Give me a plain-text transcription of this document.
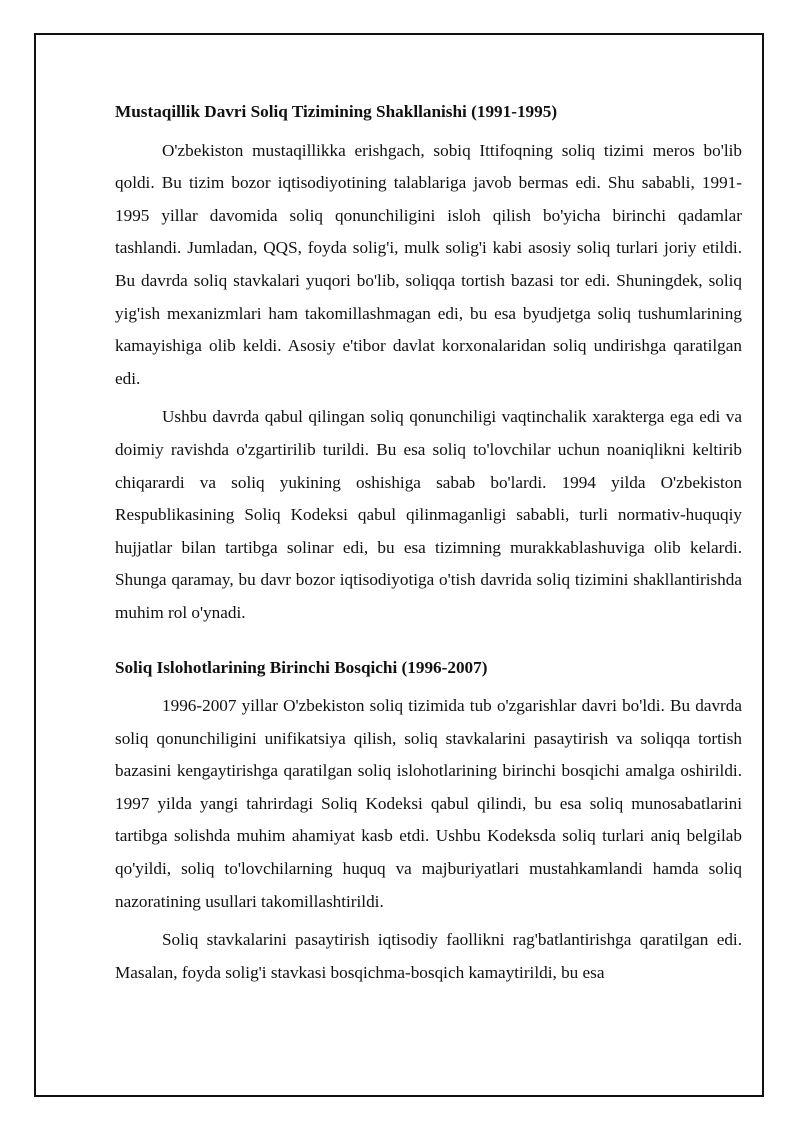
Mustaqillik Davri Soliq Tizimining Shakllanishi (1991-1995)

O'zbekiston mustaqillikka erishgach, sobiq Ittifoqning soliq tizimi meros bo'lib qoldi. Bu tizim bozor iqtisodiyotining talablariga javob bermas edi. Shu sababli, 1991-1995 yillar davomida soliq qonunchiligini isloh qilish bo'yicha birinchi qadamlar tashlandi. Jumladan, QQS, foyda solig'i, mulk solig'i kabi asosiy soliq turlari joriy etildi. Bu davrda soliq stavkalari yuqori bo'lib, soliqqa tortish bazasi tor edi. Shuningdek, soliq yig'ish mexanizmlari ham takomillashmagan edi, bu esa byudjetga soliq tushumlarining kamayishiga olib keldi. Asosiy e'tibor davlat korxonalaridan soliq undirishga qaratilgan edi.

Ushbu davrda qabul qilingan soliq qonunchiligi vaqtinchalik xarakterga ega edi va doimiy ravishda o'zgartirilib turildi. Bu esa soliq to'lovchilar uchun noaniqlikni keltirib chiqarardi va soliq yukining oshishiga sabab bo'lardi. 1994 yilda O'zbekiston Respublikasining Soliq Kodeksi qabul qilinmaganligi sababli, turli normativ-huquqiy hujjatlar bilan tartibga solinar edi, bu esa tizimning murakkablashuviga olib kelardi. Shunga qaramay, bu davr bozor iqtisodiyotiga o'tish davrida soliq tizimini shakllantirishda muhim rol o'ynadi.

Soliq Islohotlarining Birinchi Bosqichi (1996-2007)

1996-2007 yillar O'zbekiston soliq tizimida tub o'zgarishlar davri bo'ldi. Bu davrda soliq qonunchiligini unifikatsiya qilish, soliq stavkalarini pasaytirish va soliqqa tortish bazasini kengaytirishga qaratilgan soliq islohotlarining birinchi bosqichi amalga oshirildi. 1997 yilda yangi tahrirdagi Soliq Kodeksi qabul qilindi, bu esa soliq munosabatlarini tartibga solishda muhim ahamiyat kasb etdi. Ushbu Kodeksda soliq turlari aniq belgilab qo'yildi, soliq to'lovchilarning huquq va majburiyatlari mustahkamlandi hamda soliq nazoratining usullari takomillashtirildi.

Soliq stavkalarini pasaytirish iqtisodiy faollikni rag'batlantirishga qaratilgan edi. Masalan, foyda solig'i stavkasi bosqichma-bosqich kamaytirildi, bu esa
